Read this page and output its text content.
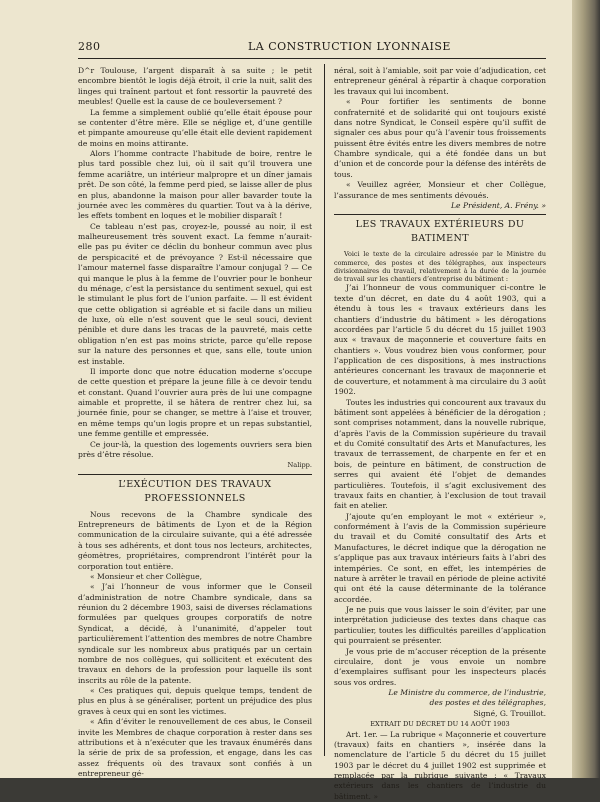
280	LA CONSTRUCTION LYONNAISE

D^r Toulouse, l’argent disparaît à sa suite ; le petit encombre bientôt le logis déjà étroit, il crie la nuit, salit des linges qui traînent partout et font ressortir la pauvreté des meubles! Quelle est la cause de ce bouleversement ?

La femme a simplement oublié qu’elle était épouse pour se contenter d’être mère. Elle se néglige et, d’une gentille et pimpante amoureuse qu’elle était elle devient rapidement de moins en moins attirante.

Alors l’homme contracte l’habitude de boire, rentre le plus tard possible chez lui, où il sait qu’il trouvera une femme acariâtre, un intérieur malpropre et un dîner jamais prêt. De son côté, la femme perd pied, se laisse aller de plus en plus, abandonne la maison pour aller bavarder toute la journée avec les commères du quartier. Tout va à la dérive, les effets tombent en loques et le mobilier disparaît !

Ce tableau n’est pas, croyez-le, poussé au noir, il est malheureusement très souvent exact. La femme n’aurait-elle pas pu éviter ce déclin du bonheur commun avec plus de perspicacité et de prévoyance ? Est-il nécessaire que l’amour maternel fasse disparaître l’amour conjugal ? — Ce qui manque le plus à la femme de l’ouvrier pour le bonheur du ménage, c’est la persistance du sentiment sexuel, qui est le stimulant le plus fort de l’union parfaite. — Il est évident que cette obligation si agréable et si facile dans un milieu de luxe, où elle n’est souvent que le seul souci, devient pénible et dure dans les tracas de la pauvreté, mais cette obligation n’en est pas moins stricte, parce qu’elle repose sur la nature des personnes et que, sans elle, toute union est instable.

Il importe donc que notre éducation moderne s’occupe de cette question et prépare la jeune fille à ce devoir tendu et constant. Quand l’ouvrier aura près de lui une compagne aimable et proprette, il se hâtera de rentrer chez lui, sa journée finie, pour se changer, se mettre à l’aise et trouver, en même temps qu’un logis propre et un repas substantiel, une femme gentille et empressée.

Ce jour-là, la question des logements ouvriers sera bien près d’être résolue.

Nalipp.

L’EXÉCUTION DES TRAVAUX PROFESSIONNELS

Nous recevons de la Chambre syndicale des Entrepreneurs de bâtiments de Lyon et de la Région communication de la circulaire suivante, qui a été adressée à tous ses adhérents, et dont tous nos lecteurs, architectes, géomètres, propriétaires, comprendront l’intérêt pour la corporation tout entière.

« Monsieur et cher Collègue,

« J’ai l’honneur de vous informer que le Conseil d’administration de notre Chambre syndicale, dans sa réunion du 2 décembre 1903, saisi de diverses réclamations formulées par quelques groupes corporatifs de notre Syndicat, a décidé, à l’unanimité, d’appeler tout particulièrement l’attention des membres de notre Chambre syndicale sur les nombreux abus pratiqués par un certain nombre de nos collègues, qui sollicitent et exécutent des travaux en dehors de la profession pour laquelle ils sont inscrits au rôle de la patente.

« Ces pratiques qui, depuis quelque temps, tendent de plus en plus à se généraliser, portent un préjudice des plus graves à ceux qui en sont les victimes.

« Afin d’éviter le renouvellement de ces abus, le Conseil invite les Membres de chaque corporation à rester dans ses attributions et à n’exécuter que les travaux énumérés dans la série de prix de sa profession, et engage, dans les cas assez fréquents où des travaux sont confiés à un entrepreneur gé-

néral, soit à l’amiable, soit par voie d’adjudication, cet entrepreneur général à répartir à chaque corporation les travaux qui lui incombent.

« Pour fortifier les sentiments de bonne confraternité et de solidarité qui ont toujours existé dans notre Syndicat, le Conseil espère qu’il suffit de signaler ces abus pour qu’à l’avenir tous froissements puissent être évités entre les divers membres de notre Chambre syndicale, qui a été fondée dans un but d’union et de concorde pour la défense des intérêts de tous.

« Veuillez agréer, Monsieur et cher Collègue, l’assurance de mes sentiments dévoués.

Le Président, A. Frény. »

LES TRAVAUX EXTÉRIEURS DU BATIMENT

Voici le texte de la circulaire adressée par le Ministre du commerce, des postes et des télégraphes, aux inspecteurs divisionnaires du travail, relativement à la durée de la journée de travail sur les chantiers d’entreprise du bâtiment :

J’ai l’honneur de vous communiquer ci-contre le texte d’un décret, en date du 4 août 1903, qui a étendu à tous les « travaux extérieurs dans les chantiers d’industrie du bâtiment » les dérogations accordées par l’article 5 du décret du 15 juillet 1903 aux « travaux de maçonnerie et couverture faits en chantiers ». Vous voudrez bien vous conformer, pour l’application de ces dispositions, à mes instructions antérieures concernant les travaux de maçonnerie et de couverture, et notamment à ma circulaire du 3 août 1902.

Toutes les industries qui concourent aux travaux du bâtiment sont appelées à bénéficier de la dérogation ; sont comprises notamment, dans la nouvelle rubrique, d’après l’avis de la Commission supérieure du travail et du Comité consultatif des Arts et Manufactures, les travaux de terrassement, de charpente en fer et en bois, de peinture en bâtiment, de construction de serres qui avaient été l’objet de demandes particulières. Toutefois, il s’agit exclusivement des travaux faits en chantier, à l’exclusion de tout travail fait en atelier.

J’ajoute qu’en employant le mot « extérieur », conformément à l’avis de la Commission supérieure du travail et du Comité consultatif des Arts et Manufactures, le décret indique que la dérogation ne s’applique pas aux travaux intérieurs faits à l’abri des intempéries. Ce sont, en effet, les intempéries de nature à arrêter le travail en période de pleine activité qui ont été la cause déterminante de la tolérance accordée.

Je ne puis que vous laisser le soin d’éviter, par une interprétation judicieuse des textes dans chaque cas particulier, toutes les difficultés pareilles d’application qui pourraient se présenter.

Je vous prie de m’accuser réception de la présente circulaire, dont je vous envoie un nombre d’exemplaires suffisant pour les inspecteurs placés sous vos ordres.

Le Ministre du commerce, de l’industrie,

des postes et des télégraphes,

Signé, G. Trouillot.

EXTRAIT DU DÉCRET DU 14 AOÛT 1903

Art. 1er. — La rubrique « Maçonnerie et couverture (travaux) faits en chantiers », insérée dans la nomenclature de l’article 5 du décret du 15 juillet 1903 par le décret du 4 juillet 1902 est supprimée et remplacée par la rubrique suivante : « Travaux extérieurs dans les chantiers de l’industrie du bâtiment. »
